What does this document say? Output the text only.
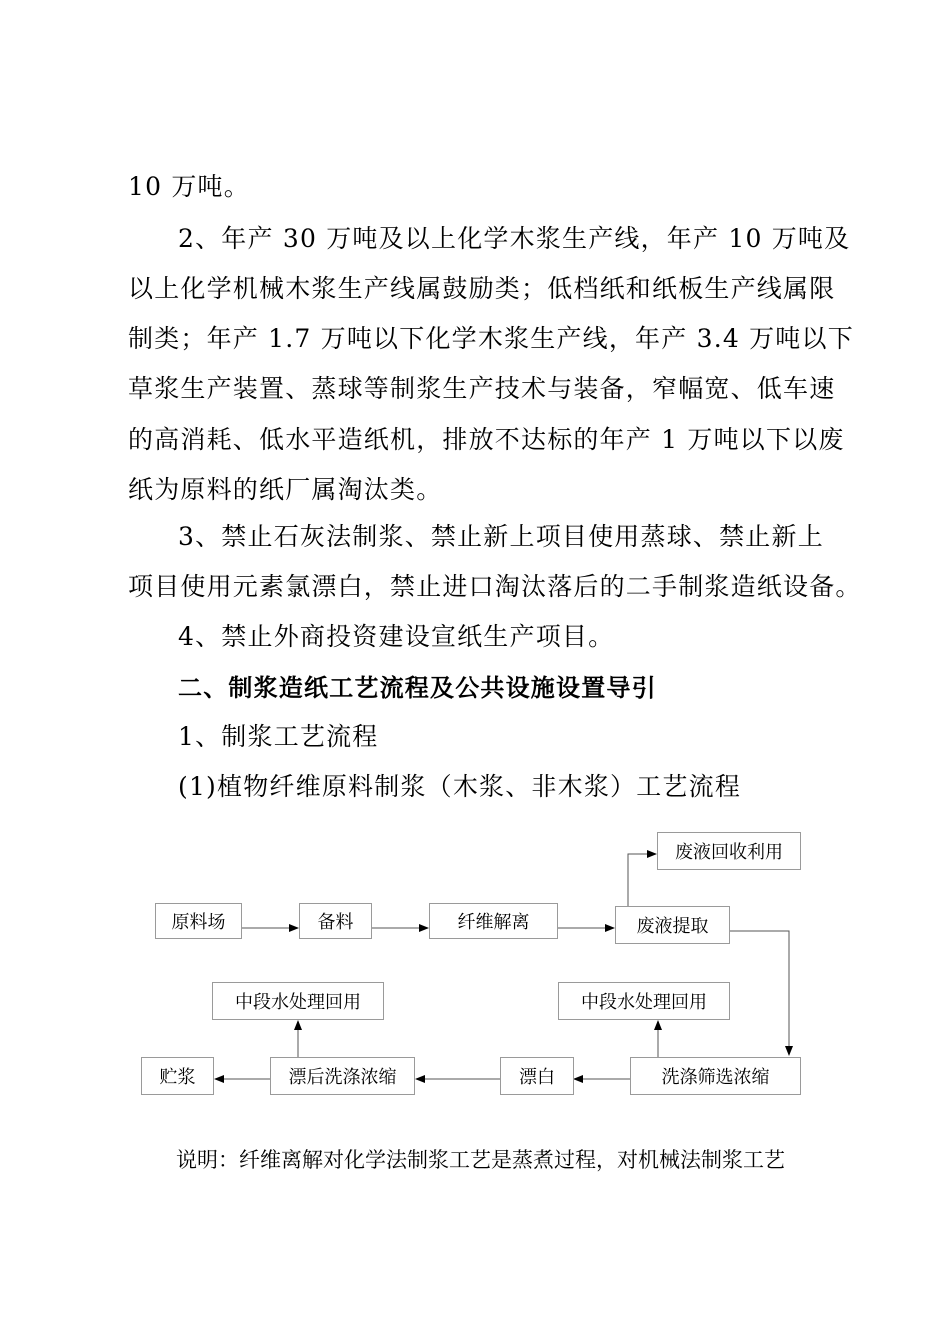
10 万吨。
2、年产 30 万吨及以上化学木浆生产线，年产 10 万吨及
以上化学机械木浆生产线属鼓励类；低档纸和纸板生产线属限
制类；年产 1.7 万吨以下化学木浆生产线，年产 3.4 万吨以下
草浆生产装置、蒸球等制浆生产技术与装备，窄幅宽、低车速
的高消耗、低水平造纸机，排放不达标的年产 1 万吨以下以废
纸为原料的纸厂属淘汰类。
3、禁止石灰法制浆、禁止新上项目使用蒸球、禁止新上
项目使用元素氯漂白，禁止进口淘汰落后的二手制浆造纸设备。
4、禁止外商投资建设宣纸生产项目。
二、制浆造纸工艺流程及公共设施设置导引
1、制浆工艺流程
(1)植物纤维原料制浆（木浆、非木浆）工艺流程
原料场	备料	纤维解离	废液提取
废液回收利用
中段水处理回用	中段水处理回用
洗涤筛选浓缩
漂白
漂后洗涤浓缩
贮浆
说明：纤维离解对化学法制浆工艺是蒸煮过程，对机械法制浆工艺
